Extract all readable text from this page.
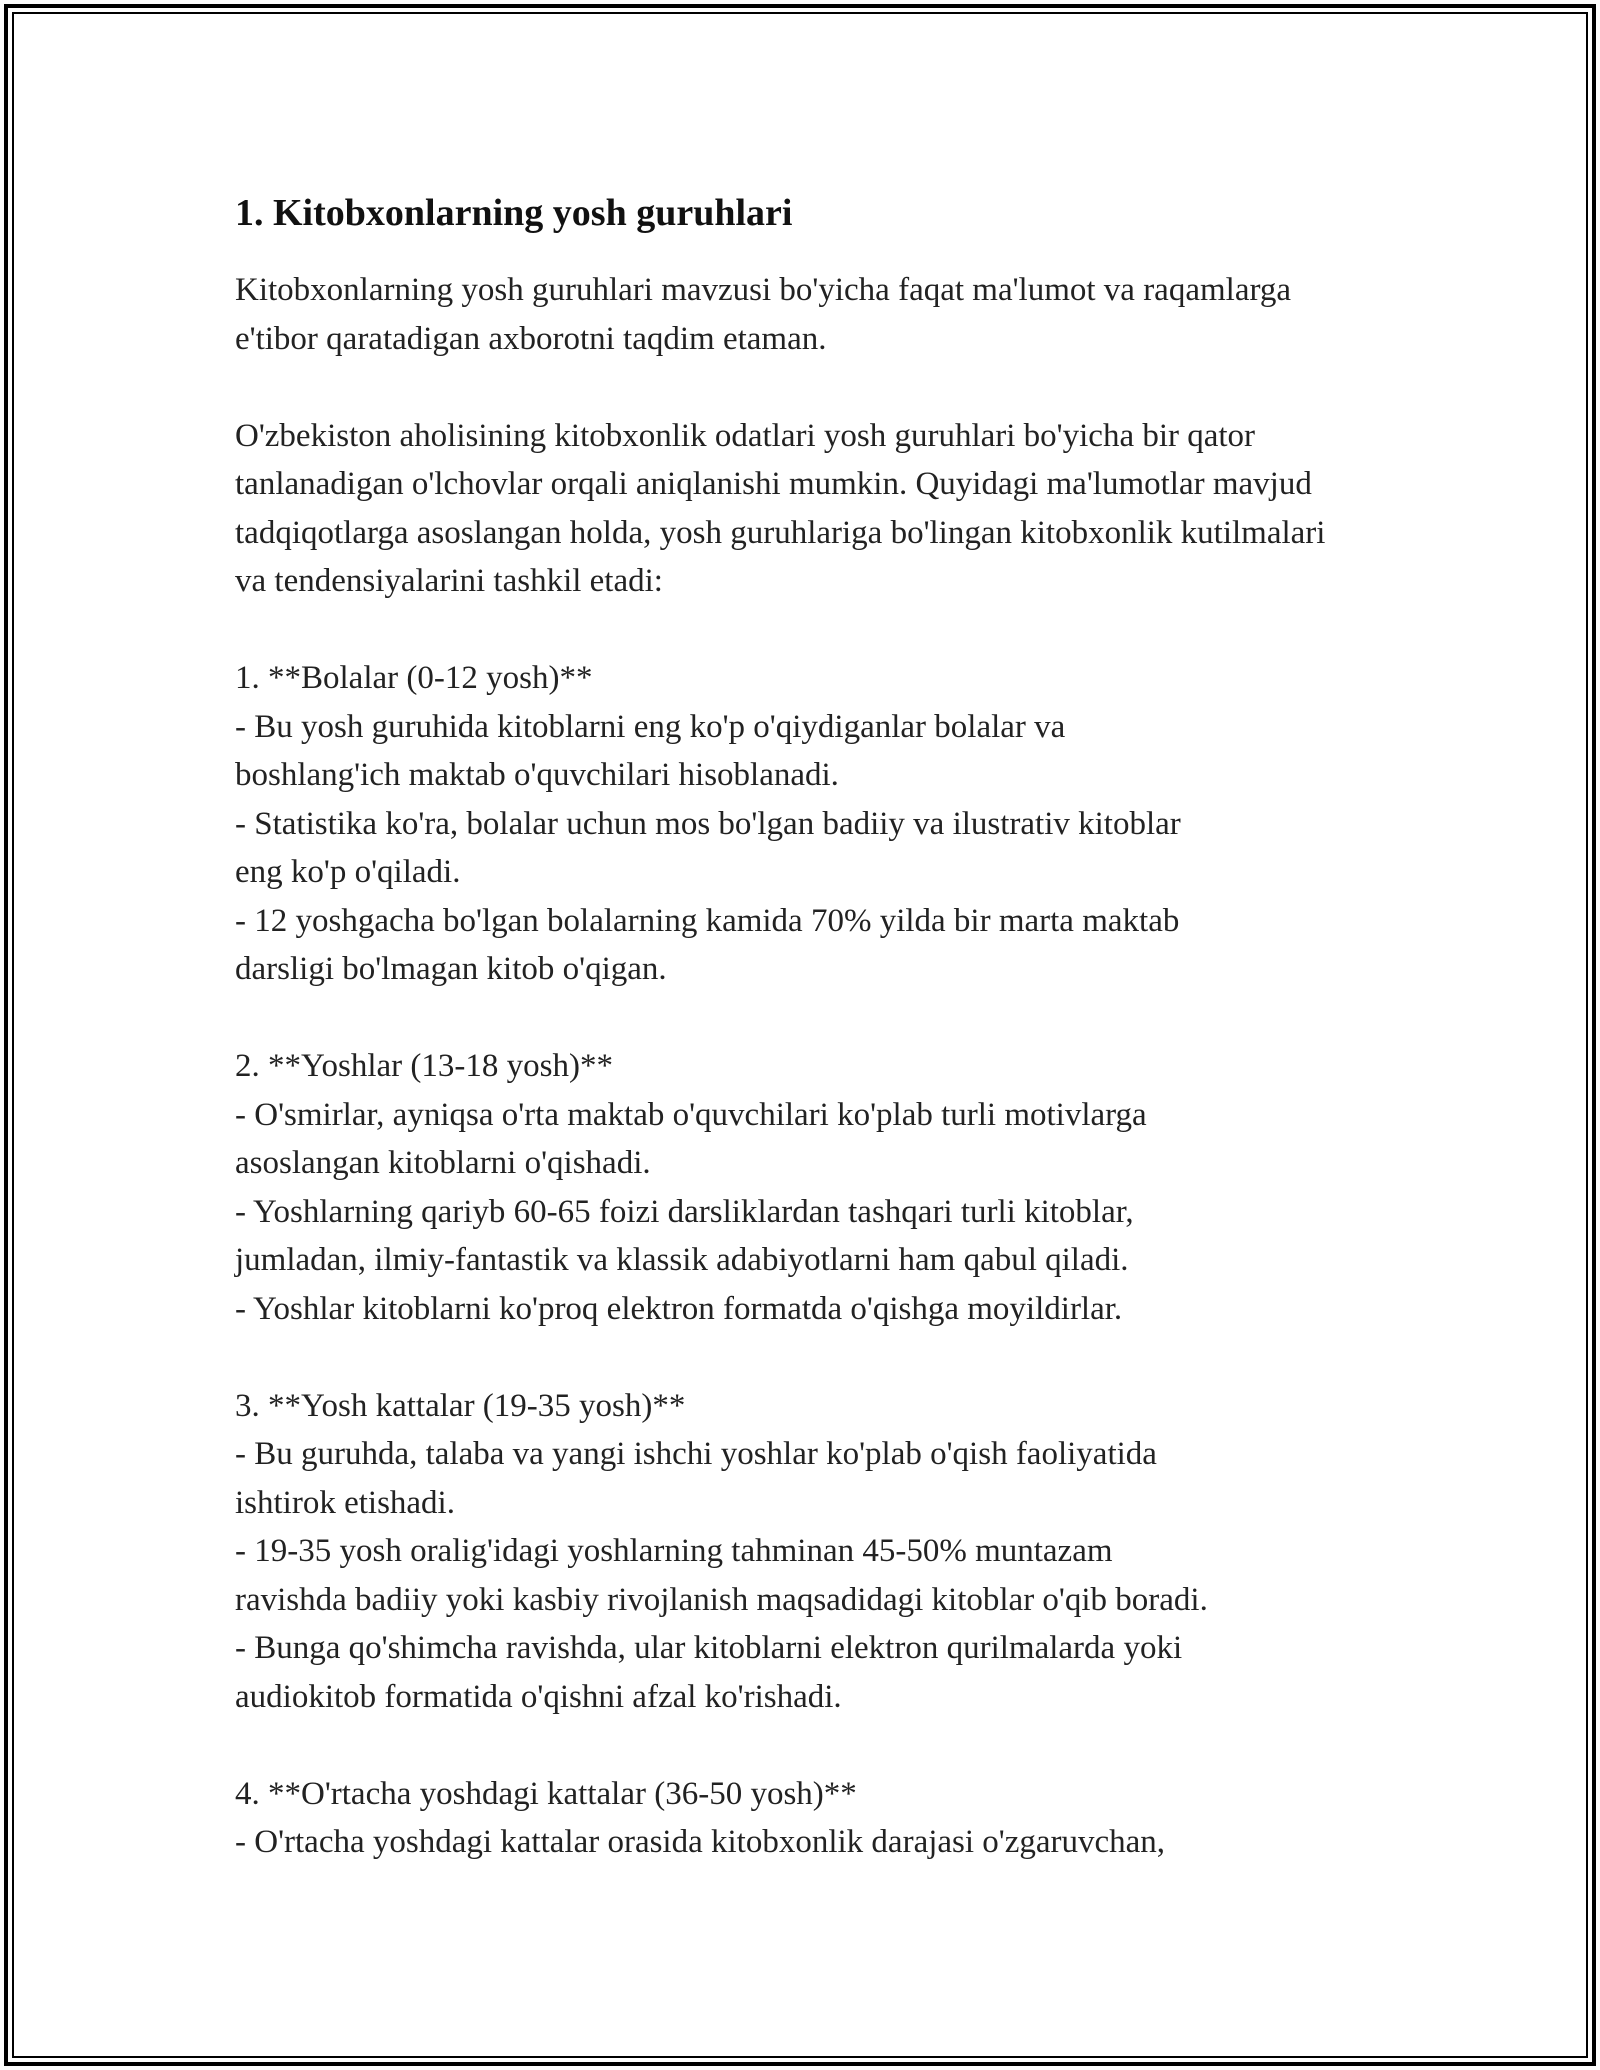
1. Kitobxonlarning yosh guruhlari

Kitobxonlarning yosh guruhlari mavzusi bo'yicha faqat ma'lumot va raqamlarga e'tibor qaratadigan axborotni taqdim etaman.

O'zbekiston aholisining kitobxonlik odatlari yosh guruhlari bo'yicha bir qator tanlanadigan o'lchovlar orqali aniqlanishi mumkin. Quyidagi ma'lumotlar mavjud tadqiqotlarga asoslangan holda, yosh guruhlariga bo'lingan kitobxonlik kutilmalari va tendensiyalarini tashkil etadi:

1. **Bolalar (0-12 yosh)**
- Bu yosh guruhida kitoblarni eng ko'p o'qiydiganlar bolalar va
boshlang'ich maktab o'quvchilari hisoblanadi.
- Statistika ko'ra, bolalar uchun mos bo'lgan badiiy va ilustrativ kitoblar
eng ko'p o'qiladi.
- 12 yoshgacha bo'lgan bolalarning kamida 70% yilda bir marta maktab
darsligi bo'lmagan kitob o'qigan.

2. **Yoshlar (13-18 yosh)**
- O'smirlar, ayniqsa o'rta maktab o'quvchilari ko'plab turli motivlarga
asoslangan kitoblarni o'qishadi.
- Yoshlarning qariyb 60-65 foizi darsliklardan tashqari turli kitoblar,
jumladan, ilmiy-fantastik va klassik adabiyotlarni ham qabul qiladi.
- Yoshlar kitoblarni ko'proq elektron formatda o'qishga moyildirlar.

3. **Yosh kattalar (19-35 yosh)**
- Bu guruhda, talaba va yangi ishchi yoshlar ko'plab o'qish faoliyatida
ishtirok etishadi.
- 19-35 yosh oralig'idagi yoshlarning tahminan 45-50% muntazam
ravishda badiiy yoki kasbiy rivojlanish maqsadidagi kitoblar o'qib boradi.
- Bunga qo'shimcha ravishda, ular kitoblarni elektron qurilmalarda yoki
audiokitob formatida o'qishni afzal ko'rishadi.

4. **O'rtacha yoshdagi kattalar (36-50 yosh)**
- O'rtacha yoshdagi kattalar orasida kitobxonlik darajasi o'zgaruvchan,
